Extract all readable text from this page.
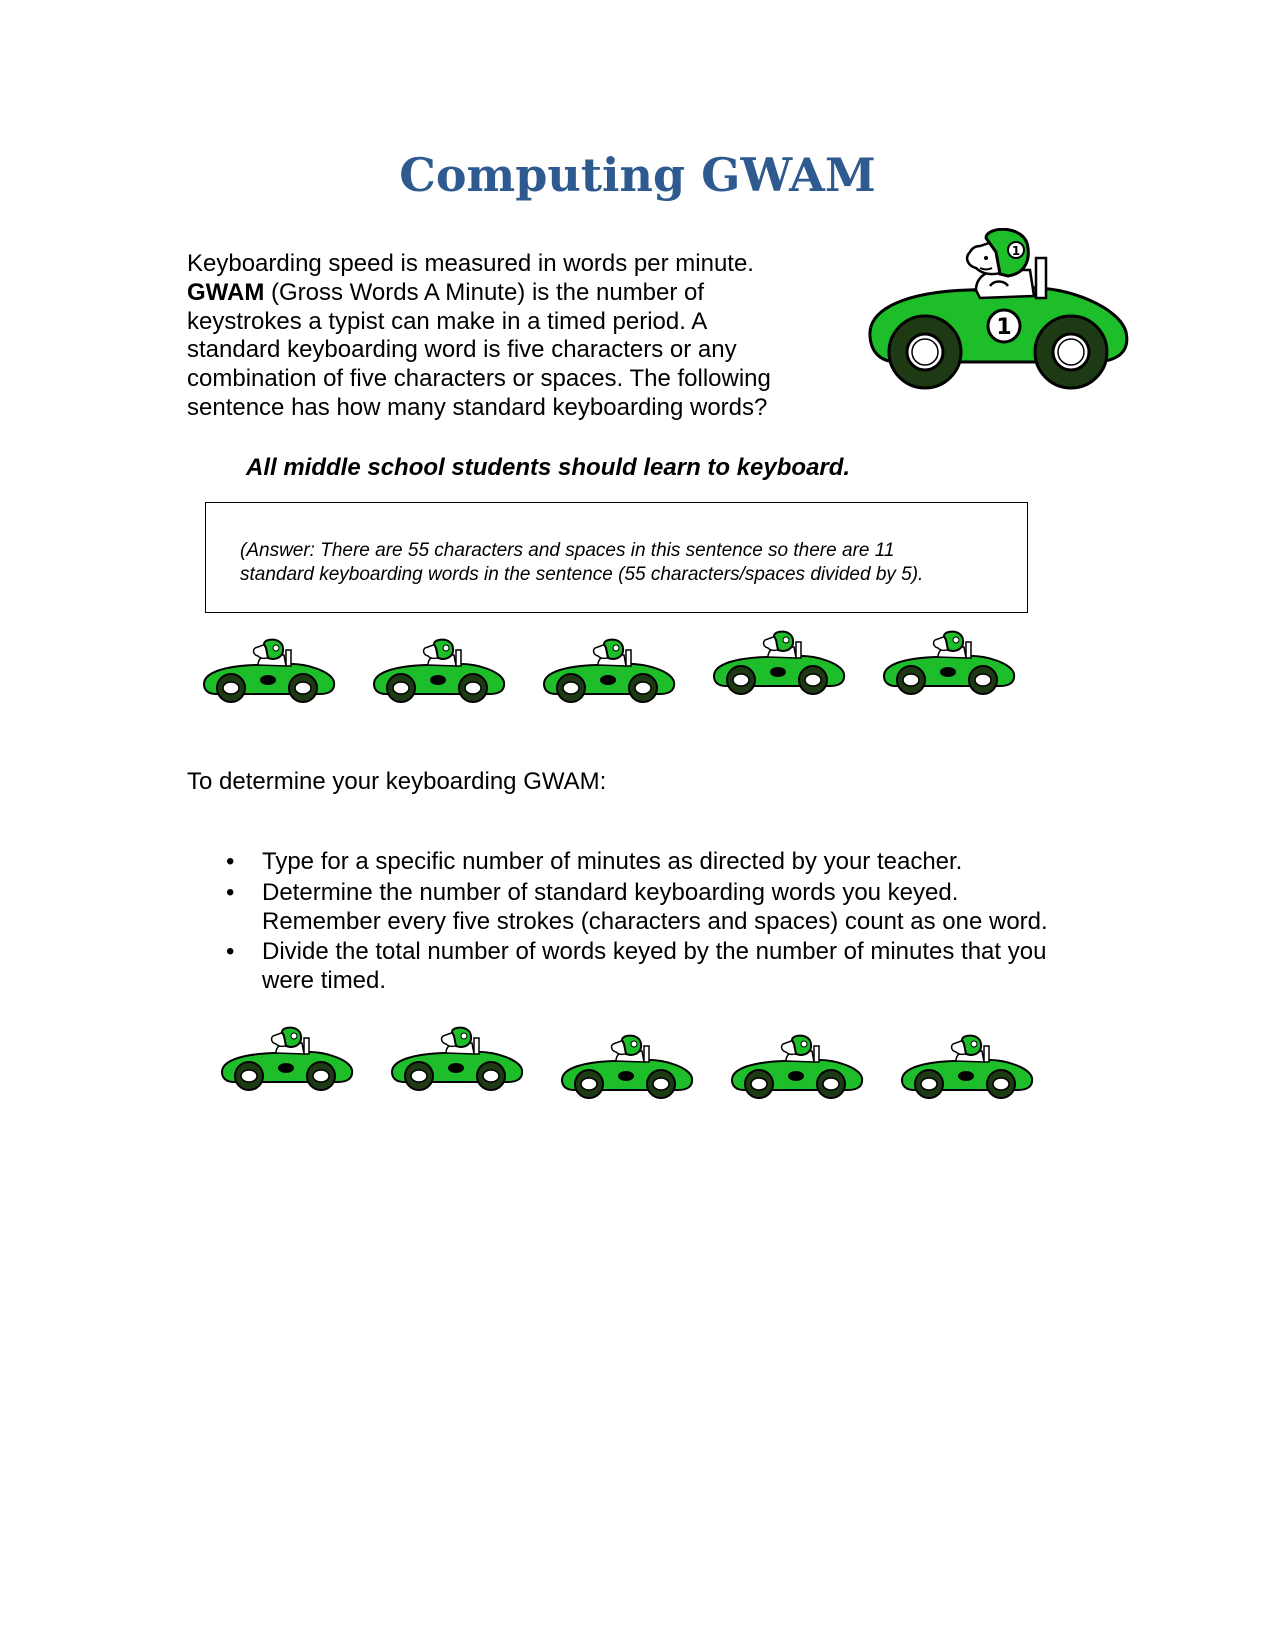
Computing GWAM
Keyboarding speed is measured in words per minute.
GWAM (Gross Words A Minute) is the number of
keystrokes a typist can make in a timed period. A
standard keyboarding word is five characters or any
combination of five characters or spaces. The following
sentence has how many standard keyboarding words?
1
1
All middle school students should learn to keyboard.
(Answer: There are 55 characters and spaces in this sentence so there are 11
standard keyboarding words in the sentence (55 characters/spaces divided by 5).
To determine your keyboarding GWAM:
• Type for a specific number of minutes as directed by your teacher.
• Determine the number of standard keyboarding words you keyed.
Remember every five strokes (characters and spaces) count as one word.
• Divide the total number of words keyed by the number of minutes that you
were timed.
